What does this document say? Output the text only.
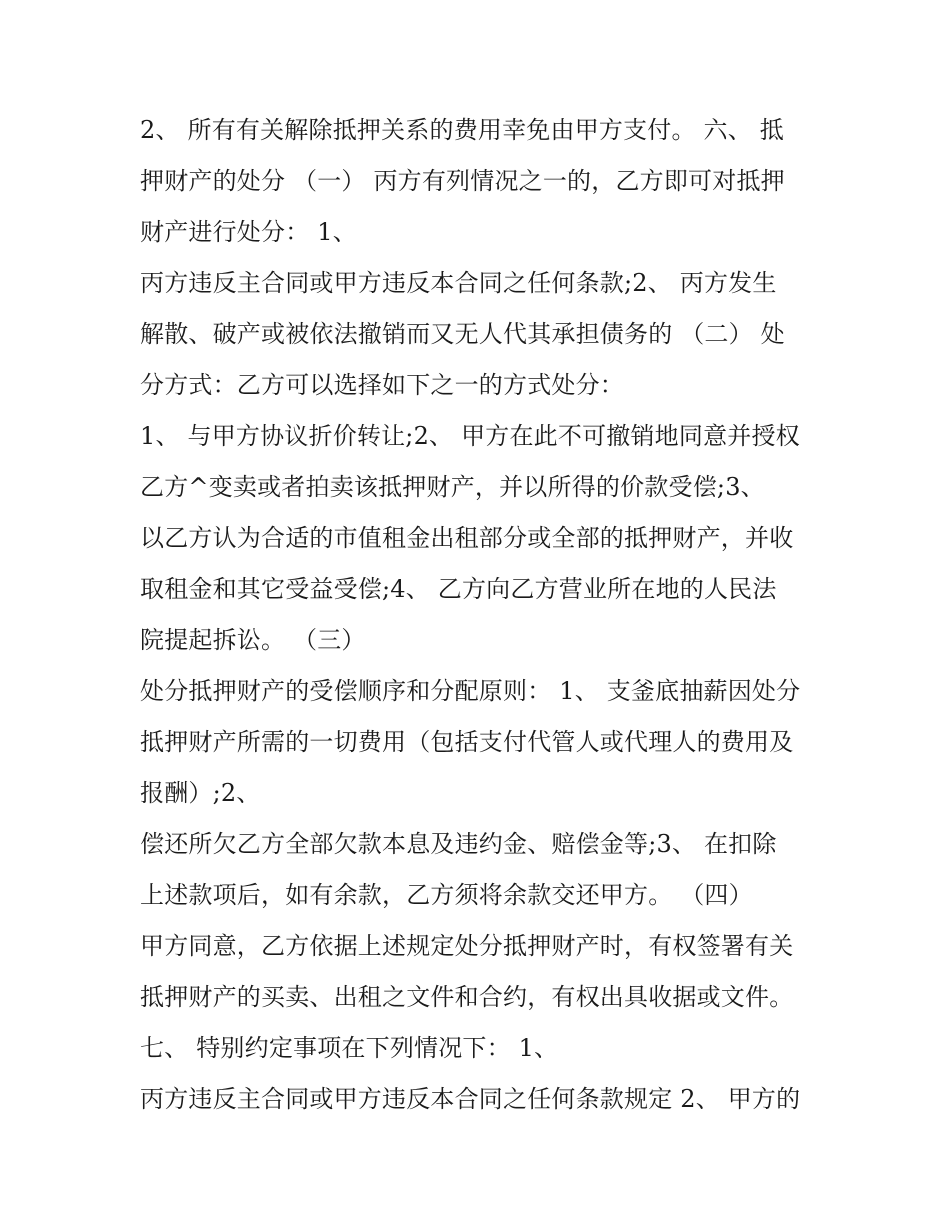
2、 所有有关解除抵押关系的费用幸免由甲方支付。 六、 抵
押财产的处分 （一） 丙方有列情况之一的，乙方即可对抵押
财产进行处分： 1、
丙方违反主合同或甲方违反本合同之任何条款;2、 丙方发生
解散、破产或被依法撤销而又无人代其承担债务的 （二） 处
分方式：乙方可以选择如下之一的方式处分：
1、 与甲方协议折价转让;2、 甲方在此不可撤销地同意并授权
乙方^变卖或者拍卖该抵押财产，并以所得的价款受偿;3、
以乙方认为合适的市值租金出租部分或全部的抵押财产，并收
取租金和其它受益受偿;4、 乙方向乙方营业所在地的人民法
院提起拆讼。 （三）
处分抵押财产的受偿顺序和分配原则： 1、 支釜底抽薪因处分
抵押财产所需的一切费用（包括支付代管人或代理人的费用及
报酬）;2、
偿还所欠乙方全部欠款本息及违约金、赔偿金等;3、 在扣除
上述款项后，如有余款，乙方须将余款交还甲方。 （四）
甲方同意，乙方依据上述规定处分抵押财产时，有权签署有关
抵押财产的买卖、出租之文件和合约，有权出具收据或文件。
七、 特别约定事项在下列情况下： 1、
丙方违反主合同或甲方违反本合同之任何条款规定 2、 甲方的
